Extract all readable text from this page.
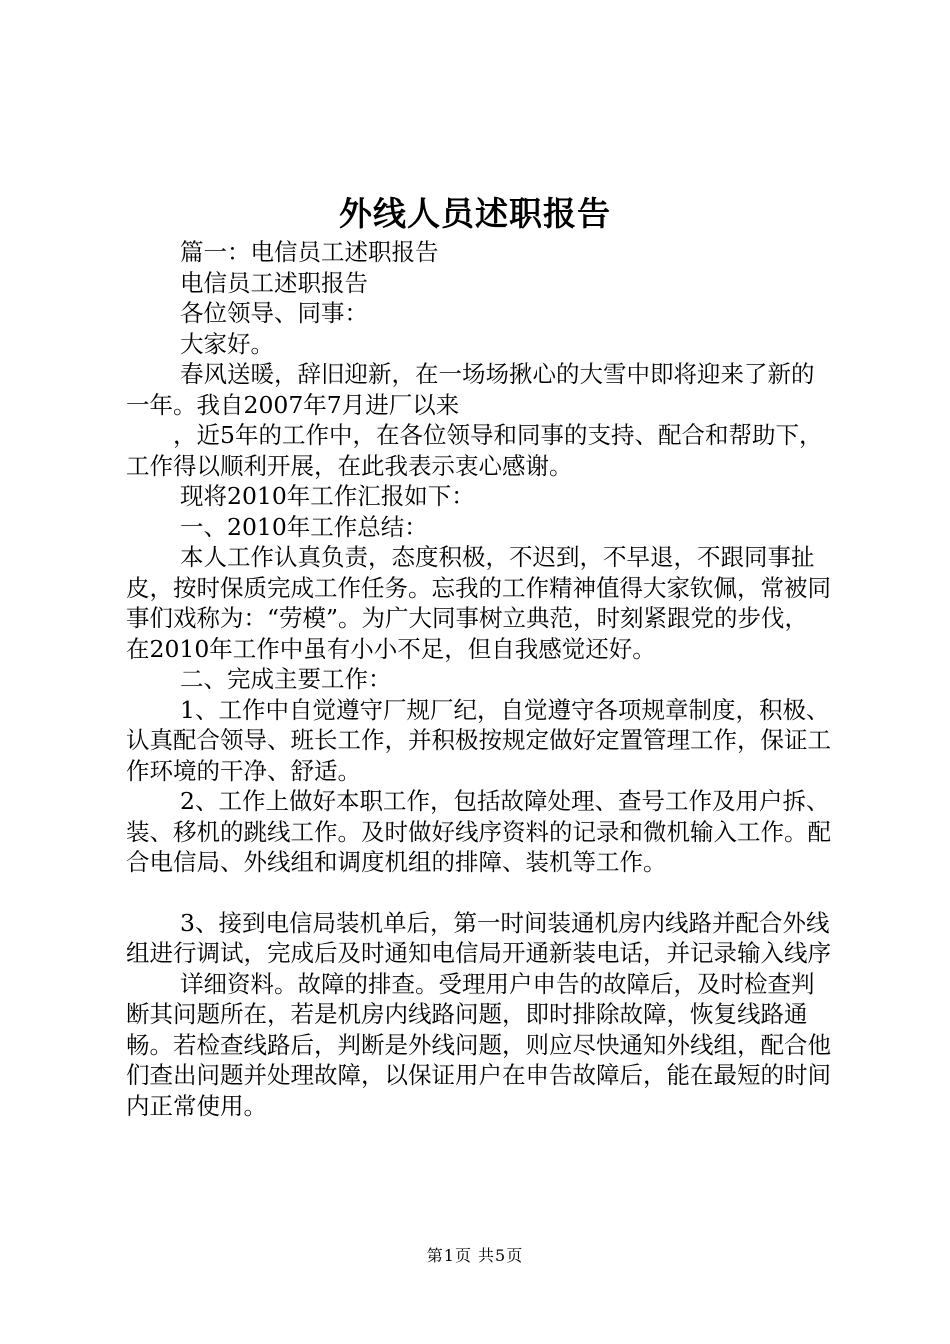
外线人员述职报告

篇一：电信员工述职报告

电信员工述职报告

各位领导、同事：

大家好。

春风送暖，辞旧迎新，在一场场揪心的大雪中即将迎来了新的一年。我自2007年7月进厂以来

，近5年的工作中，在各位领导和同事的支持、配合和帮助下，工作得以顺利开展，在此我表示衷心感谢。

现将2010年工作汇报如下：

一、2010年工作总结：

本人工作认真负责，态度积极，不迟到，不早退，不跟同事扯皮，按时保质完成工作任务。忘我的工作精神值得大家钦佩，常被同事们戏称为：“劳模”。为广大同事树立典范，时刻紧跟党的步伐，在2010年工作中虽有小小不足，但自我感觉还好。

二、完成主要工作：

1、工作中自觉遵守厂规厂纪，自觉遵守各项规章制度，积极、认真配合领导、班长工作，并积极按规定做好定置管理工作，保证工作环境的干净、舒适。

2、工作上做好本职工作，包括故障处理、查号工作及用户拆、装、移机的跳线工作。及时做好线序资料的记录和微机输入工作。配合电信局、外线组和调度机组的排障、装机等工作。

3、接到电信局装机单后，第一时间装通机房内线路并配合外线组进行调试，完成后及时通知电信局开通新装电话，并记录输入线序

详细资料。故障的排查。受理用户申告的故障后，及时检查判断其问题所在，若是机房内线路问题，即时排除故障，恢复线路通畅。若检查线路后，判断是外线问题，则应尽快通知外线组，配合他们查出问题并处理故障，以保证用户在申告故障后，能在最短的时间内正常使用。

第1页 共5页
